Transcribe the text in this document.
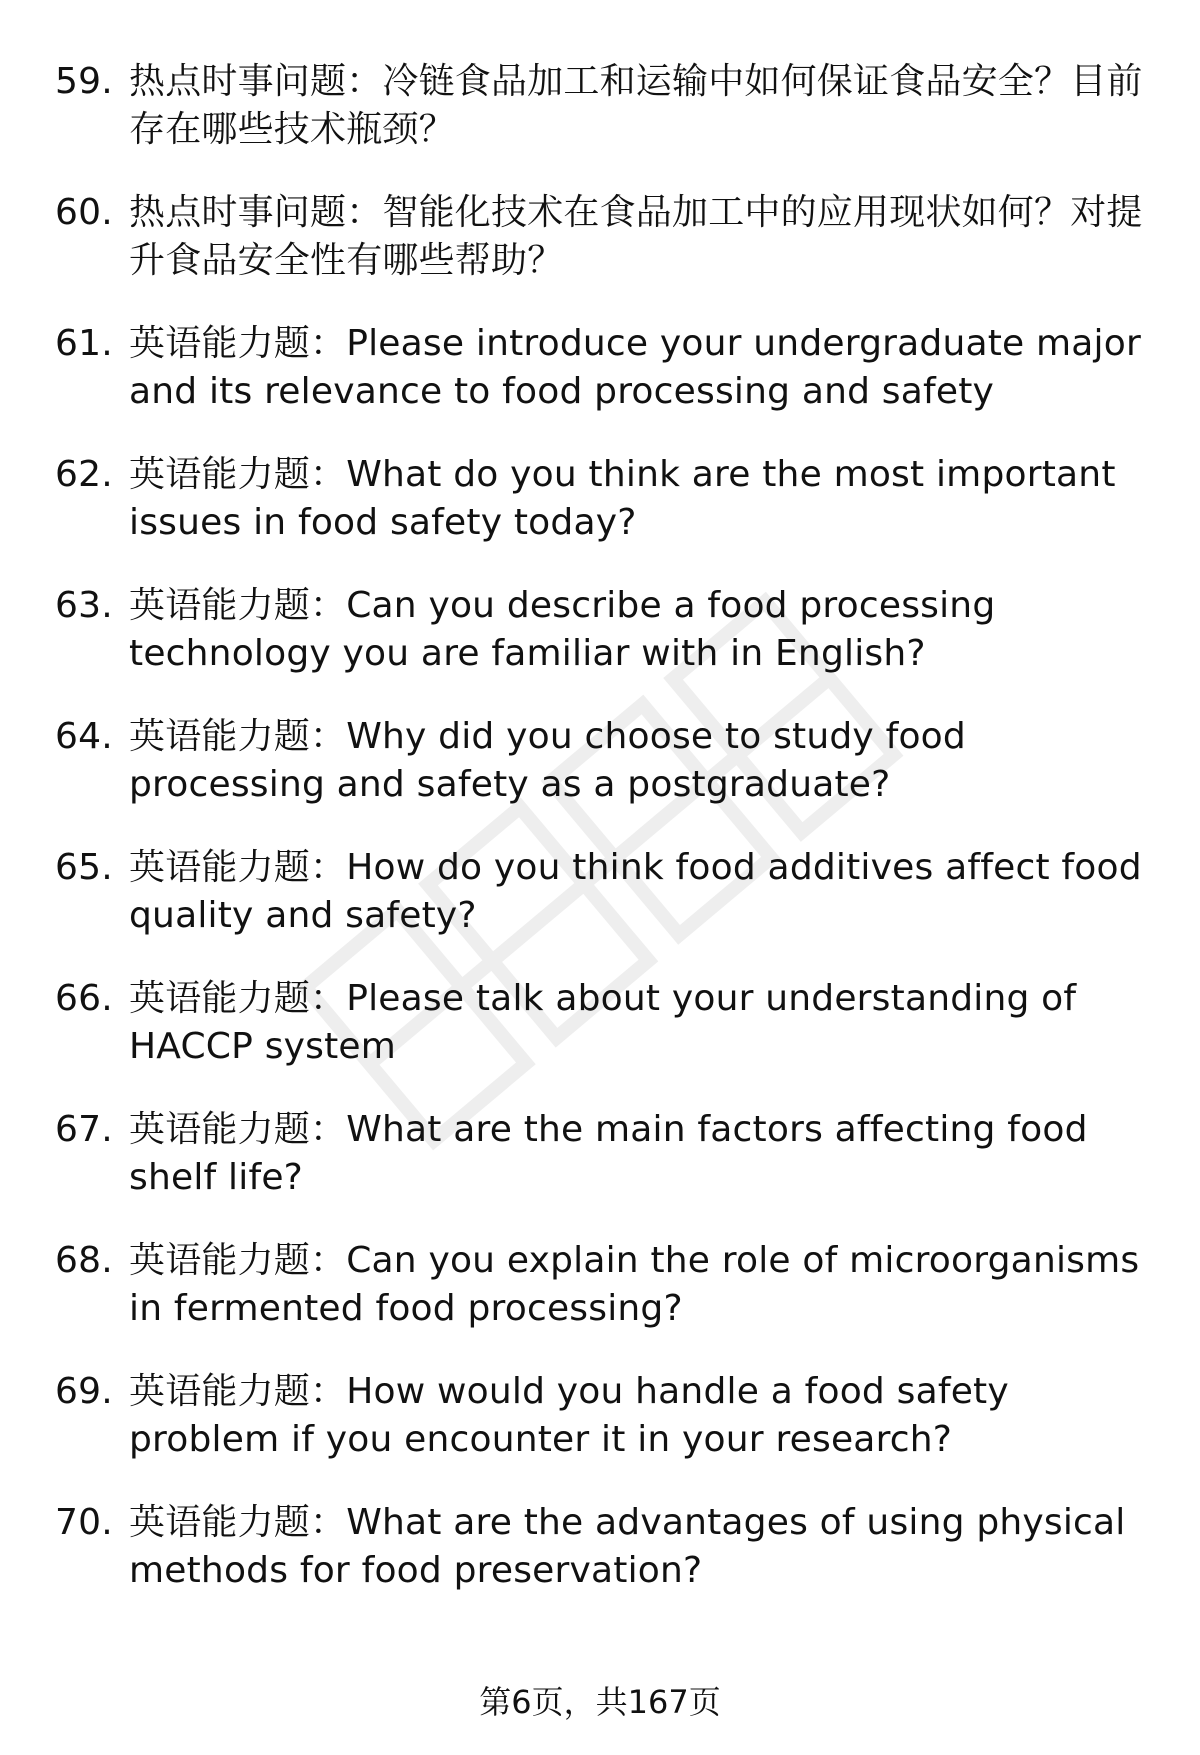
59. 热点时事问题：冷链食品加工和运输中如何保证食品安全？目前存在哪些技术瓶颈？
60. 热点时事问题：智能化技术在食品加工中的应用现状如何？对提升食品安全性有哪些帮助？
61. 英语能力题：Please introduce your undergraduate major and its relevance to food processing and safety
62. 英语能力题：What do you think are the most important issues in food safety today?
63. 英语能力题：Can you describe a food processing technology you are familiar with in English?
64. 英语能力题：Why did you choose to study food processing and safety as a postgraduate?
65. 英语能力题：How do you think food additives affect food quality and safety?
66. 英语能力题：Please talk about your understanding of HACCP system
67. 英语能力题：What are the main factors affecting food shelf life?
68. 英语能力题：Can you explain the role of microorganisms in fermented food processing?
69. 英语能力题：How would you handle a food safety problem if you encounter it in your research?
70. 英语能力题：What are the advantages of using physical methods for food preservation?
第6页，共167页
